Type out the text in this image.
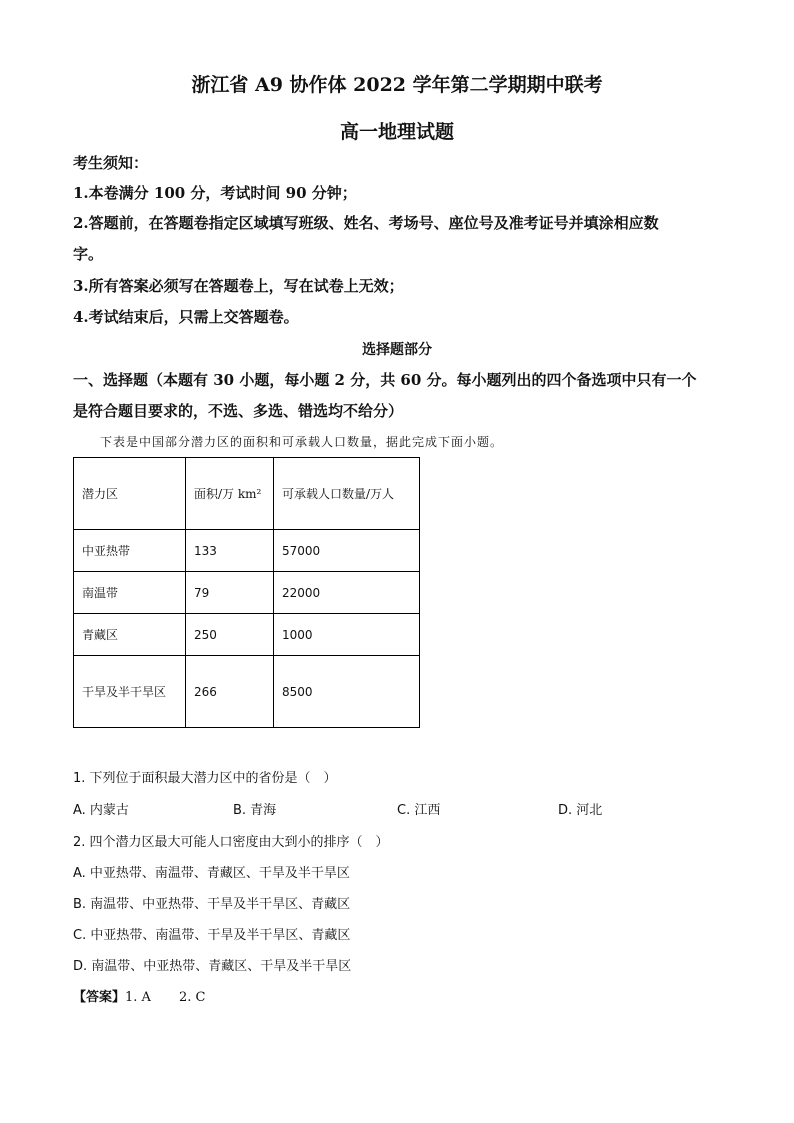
浙江省 A9 协作体 2022 学年第二学期期中联考
高一地理试题
考生须知：
1.本卷满分 100 分，考试时间 90 分钟；
2.答题前，在答题卷指定区域填写班级、姓名、考场号、座位号及准考证号并填涂相应数
字。
3.所有答案必须写在答题卷上，写在试卷上无效；
4.考试结束后，只需上交答题卷。
选择题部分
一、选择题（本题有 30 小题，每小题 2 分，共 60 分。每小题列出的四个备选项中只有一个
是符合题目要求的，不选、多选、错选均不给分）
下表是中国部分潜力区的面积和可承载人口数量，据此完成下面小题。
潜力区	面积/万 km²	可承载人口数量/万人
中亚热带	133	57000
南温带	79	22000
青藏区	250	1000
干旱及半干旱区	266	8500
1. 下列位于面积最大潜力区中的省份是（　）
A. 内蒙古	B. 青海	C. 江西	D. 河北
2. 四个潜力区最大可能人口密度由大到小的排序（　）
A. 中亚热带、南温带、青藏区、干旱及半干旱区
B. 南温带、中亚热带、干旱及半干旱区、青藏区
C. 中亚热带、南温带、干旱及半干旱区、青藏区
D. 南温带、中亚热带、青藏区、干旱及半干旱区
【答案】1. A 2. C
